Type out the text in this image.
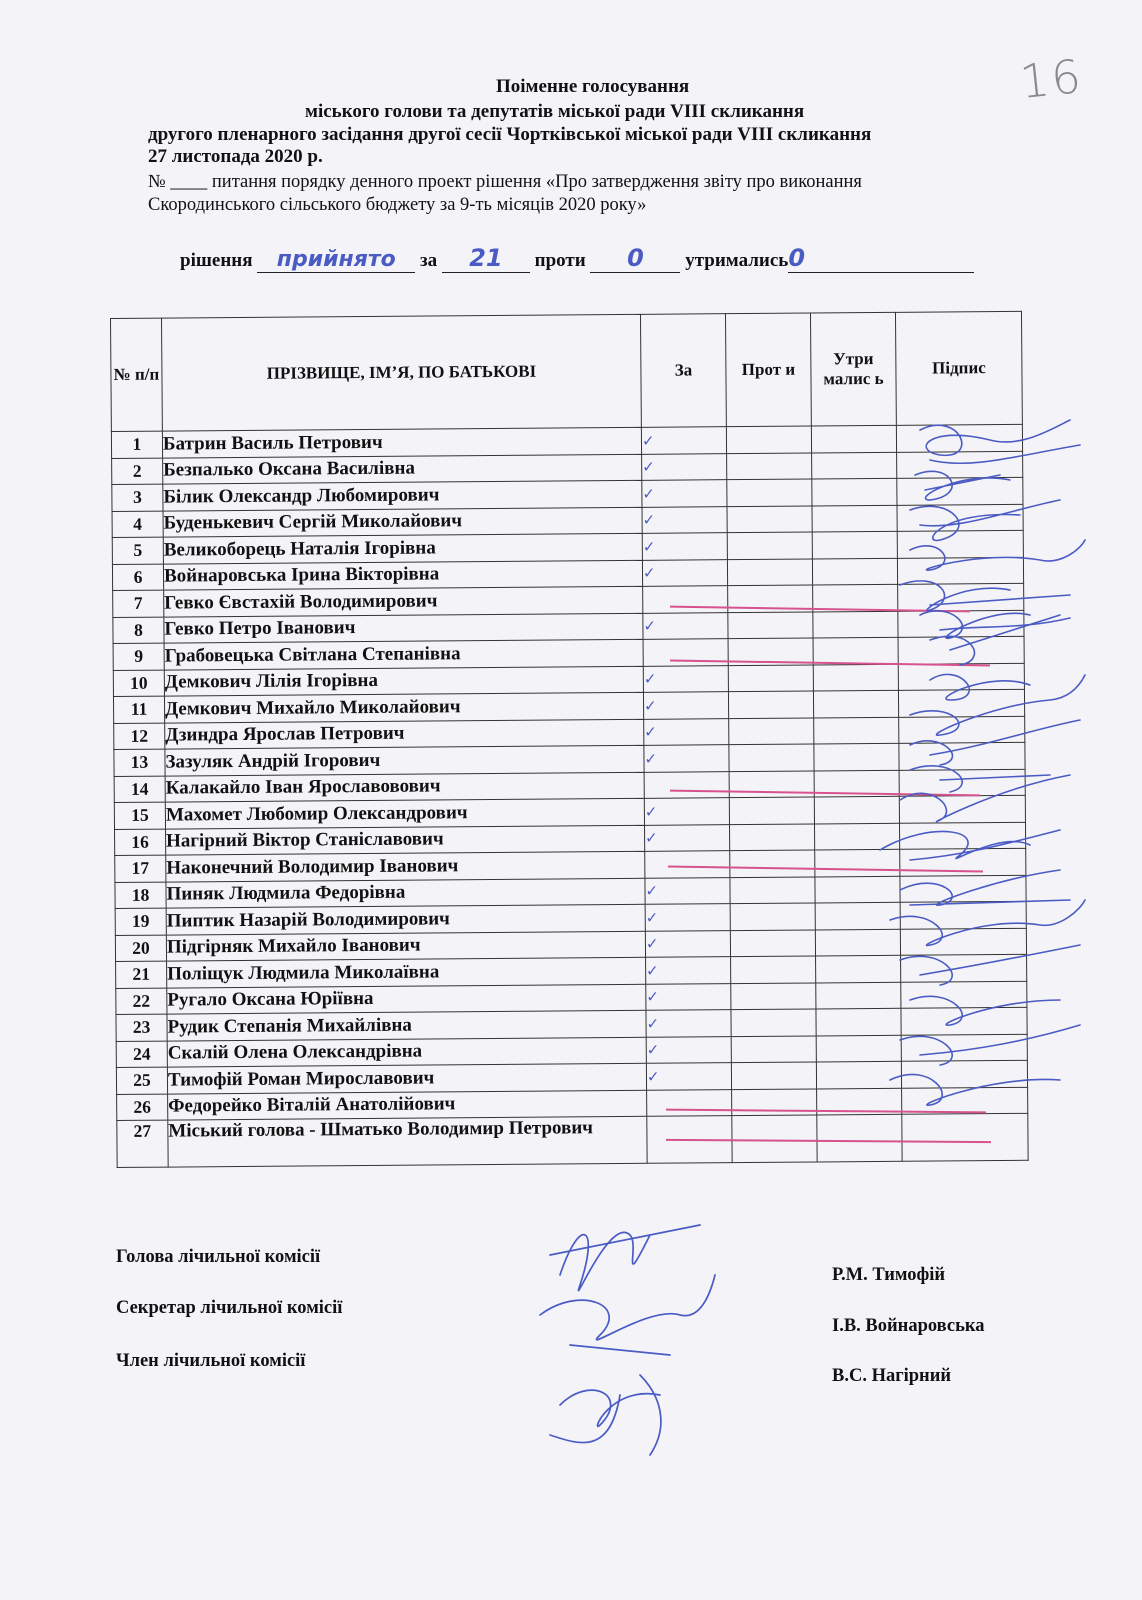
16
Поіменне голосування
міського голови та депутатів міської ради VIII скликання
другого пленарного засідання другої сесії Чортківської міської ради VIII скликання
27 листопада 2020 р.
№ ____ питання порядку денного проект рішення «Про затвердження звіту про виконання
Скородинського сільського бюджету за 9-ть місяців 2020 року»
рішення прийнято за 21 проти 0 утримались0
№ п/п	ПРІЗВИЩЕ, ІМ’Я, ПО БАТЬКОВІ	За	Прот и	Утри малис ь	Підпис
1	Батрин Василь Петрович	✓			
2	Безпалько Оксана Василівна	✓			
3	Білик Олександр Любомирович	✓			
4	Буденькевич Сергій Миколайович	✓			
5	Великоборець Наталія Ігорівна	✓			
6	Войнаровська Ірина Вікторівна	✓			
7	Гевко Євстахій Володимирович				
8	Гевко Петро Іванович	✓			
9	Грабовецька Світлана Степанівна				
10	Демкович Лілія Ігорівна	✓			
11	Демкович Михайло Миколайович	✓			
12	Дзиндра Ярослав Петрович	✓			
13	Зазуляк Андрій Ігорович	✓			
14	Калакайло Іван Ярославовович				
15	Махомет Любомир Олександрович	✓			
16	Нагірний Віктор Станіславович	✓			
17	Наконечний Володимир Іванович				
18	Пиняк Людмила Федорівна	✓			
19	Пиптик Назарій Володимирович	✓			
20	Підгірняк Михайло Іванович	✓			
21	Поліщук Людмила Миколаївна	✓			
22	Ругало Оксана Юріївна	✓			
23	Рудик Степанія Михайлівна	✓			
24	Скалій Олена Олександрівна	✓			
25	Тимофій Роман Мирославович	✓			
26	Федорейко Віталій Анатолійович				
27	Міський голова - Шматько Володимир Петрович				
Голова лічильної комісії
Секретар лічильної комісії
Член лічильної комісії
Р.М. Тимофій
І.В. Войнаровська
В.С. Нагірний
